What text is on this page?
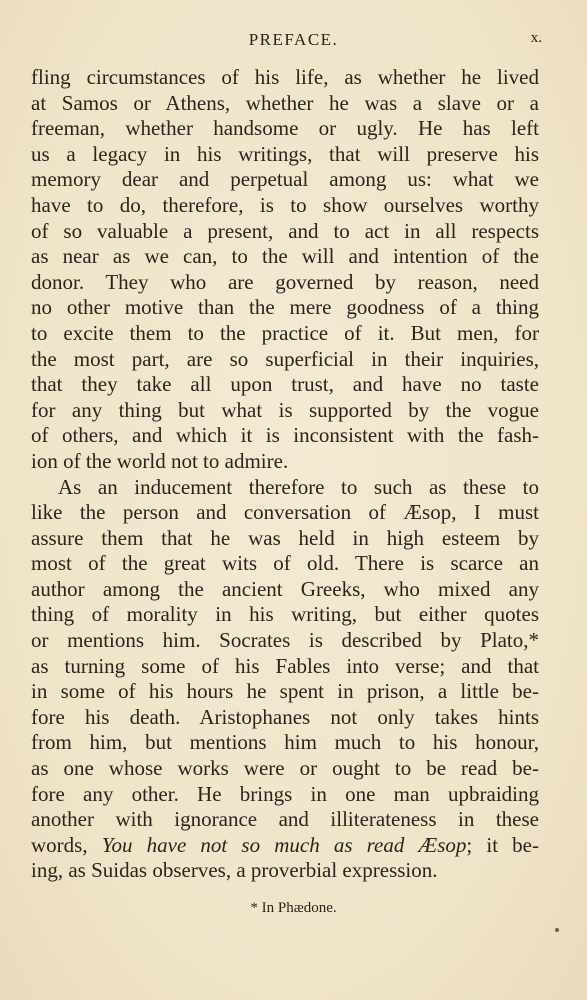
PREFACE.	x.
fling circumstances of his life, as whether he lived
at Samos or Athens, whether he was a slave or a
freeman, whether handsome or ugly. He has left
us a legacy in his writings, that will preserve his
memory dear and perpetual among us: what we
have to do, therefore, is to show ourselves worthy
of so valuable a present, and to act in all respects
as near as we can, to the will and intention of the
donor. They who are governed by reason, need
no other motive than the mere goodness of a thing
to excite them to the practice of it. But men, for
the most part, are so superficial in their inquiries,
that they take all upon trust, and have no taste
for any thing but what is supported by the vogue
of others, and which it is inconsistent with the fash-
ion of the world not to admire.
As an inducement therefore to such as these to
like the person and conversation of Æsop, I must
assure them that he was held in high esteem by
most of the great wits of old. There is scarce an
author among the ancient Greeks, who mixed any
thing of morality in his writing, but either quotes
or mentions him. Socrates is described by Plato,*
as turning some of his Fables into verse; and that
in some of his hours he spent in prison, a little be-
fore his death. Aristophanes not only takes hints
from him, but mentions him much to his honour,
as one whose works were or ought to be read be-
fore any other. He brings in one man upbraiding
another with ignorance and illiterateness in these
words, You have not so much as read Æsop; it be-
ing, as Suidas observes, a proverbial expression.
* In Phædone.
